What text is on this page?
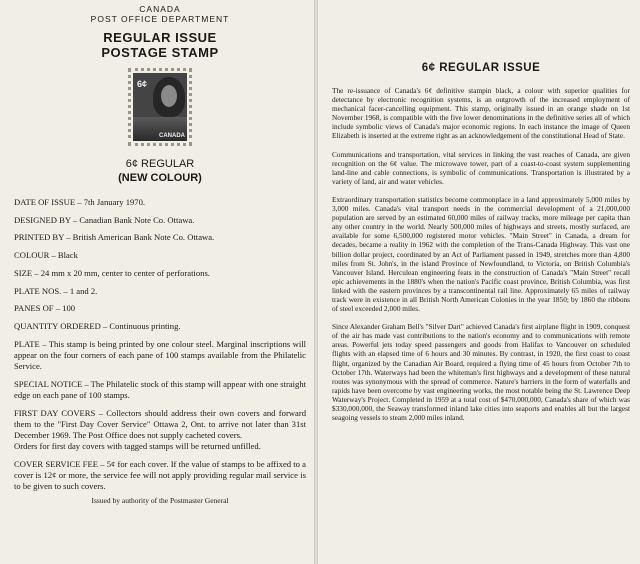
CANADA
POST OFFICE DEPARTMENT
REGULAR ISSUE
POSTAGE STAMP
6¢
CANADA
6¢ REGULAR
(NEW COLOUR)

DATE OF ISSUE – 7th January 1970.

DESIGNED BY – Canadian Bank Note Co. Ottawa.

PRINTED BY – British American Bank Note Co. Ottawa.

COLOUR – Black

SIZE – 24 mm x 20 mm, center to center of perforations.

PLATE NOS. – 1 and 2.

PANES OF – 100

QUANTITY ORDERED – Continuous printing.

PLATE – This stamp is being printed by one colour steel. Marginal inscriptions will appear on the four corners of each pane of 100 stamps available from the Philatelic Service.

SPECIAL NOTICE – The Philatelic stock of this stamp will appear with one straight edge on each pane of 100 stamps.

FIRST DAY COVERS – Collectors should address their own covers and forward them to the "First Day Cover Service" Ottawa 2, Ont. to arrive not later than 31st December 1969. The Post Office does not supply cacheted covers.

Orders for first day covers with tagged stamps will be returned unfilled.

COVER SERVICE FEE – 5¢ for each cover. If the value of stamps to be affixed to a cover is 12¢ or more, the service fee will not apply providing regular mail service is to be given to such covers.

Issued by authority of the Postmaster General
6¢ REGULAR ISSUE

The re-issuance of Canada's 6¢ definitive stampin black, a colour with superior qualities for detectance by electronic recognition systems, is an outgrowth of the increased employment of mechanical facer-cancelling equipment. This stamp, originally issued in an orange shade on 1st November 1968, is compatible with the five lower denominations in the definitive series all of which include symbolic views of Canada's major economic regions. In each instance the image of Queen Elizabeth is inserted at the extreme right as an acknowledgement of the constitutional Head of State.

Communications and transportation, vital services in linking the vast reaches of Canada, are given recognition on the 6¢ value. The microwave tower, part of a coast-to-coast system supplementing land-line and cable connections, is symbolic of communications. Transportation is illustrated by a variety of land, air and water vehicles.

Extraordinary transportation statistics become commonplace in a land approximately 5,000 miles by 3,000 miles. Canada's vital transport needs in the commercial development of a 21,000,000 population are served by an estimated 60,000 miles of railway tracks, more mileage per capita than any other country in the world. Nearly 500,000 miles of highways and streets, mostly surfaced, are available for some 6,500,000 registered motor vehicles. "Main Street" in Canada, a dream for decades, became a reality in 1962 with the completion of the Trans-Canada Highway. This vast one billion dollar project, coordinated by an Act of Parliament passed in 1949, stretches more than 4,800 miles from St. John's, in the island Province of Newfoundland, to Victoria, on British Columbia's Vancouver Island. Herculean engineering feats in the construction of Canada's "Main Street" recall epic achievements in the 1880's when the nation's Pacific coast province, British Columbia, was first linked with the eastern provinces by a transcontinental rail line. Approximately 65 miles of railway track were in existence in all British North American Colonies in the year 1850; by 1860 the ribbons of steel exceeded 2,000 miles.

Since Alexander Graham Bell's "Silver Dart" achieved Canada's first airplane flight in 1909, conquest of the air has made vast contributions to the nation's economy and to communications with remote areas. Powerful jets today speed passengers and goods from Halifax to Vancouver on scheduled flights with an elapsed time of 6 hours and 30 minutes. By contrast, in 1920, the first coast to coast flight, organized by the Canadian Air Board, required a flying time of 45 hours from October 7th to October 17th. Waterways had been the whiteman's first highways and a development of these natural routes was synonymous with the spread of commerce. Nature's barriers in the form of waterfalls and rapids have been overcome by vast engineering works, the most notable being the St. Lawrence Deep Waterway's Project. Completed in 1959 at a total cost of $470,000,000, Canada's share of which was $330,000,000, the Seaway transformed inland lake cities into seaports and enables all but the largest seagoing vessels to steam 2,000 miles inland.
